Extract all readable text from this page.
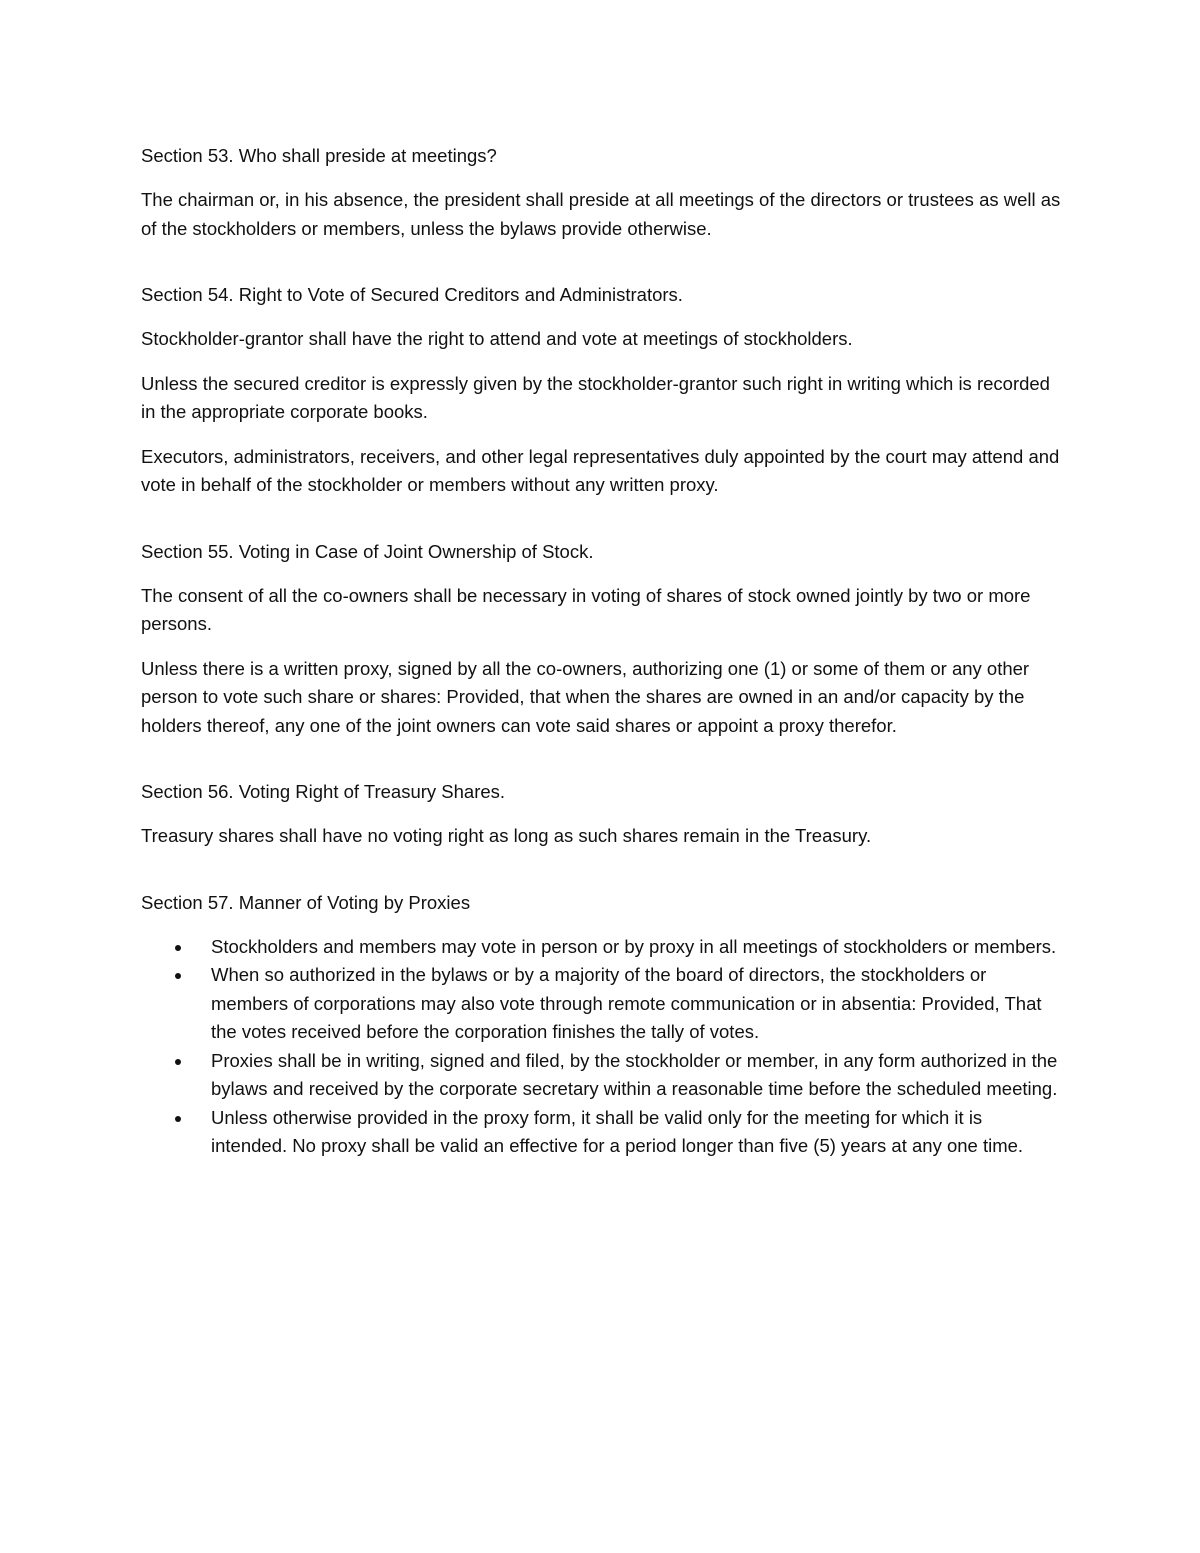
Section 53. Who shall preside at meetings?

The chairman or, in his absence, the president shall preside at all meetings of the directors or trustees as well as of the stockholders or members, unless the bylaws provide otherwise.

Section 54. Right to Vote of Secured Creditors and Administrators.

Stockholder-grantor shall have the right to attend and vote at meetings of stockholders.

Unless the secured creditor is expressly given by the stockholder-grantor such right in writing which is recorded in the appropriate corporate books.

Executors, administrators, receivers, and other legal representatives duly appointed by the court may attend and vote in behalf of the stockholder or members without any written proxy.

Section 55. Voting in Case of Joint Ownership of Stock.

The consent of all the co-owners shall be necessary in voting of shares of stock owned jointly by two or more persons.

Unless there is a written proxy, signed by all the co-owners, authorizing one (1) or some of them or any other person to vote such share or shares: Provided, that when the shares are owned in an and/or capacity by the holders thereof, any one of the joint owners can vote said shares or appoint a proxy therefor.

Section 56. Voting Right of Treasury Shares.

Treasury shares shall have no voting right as long as such shares remain in the Treasury.

Section 57. Manner of Voting by Proxies

Stockholders and members may vote in person or by proxy in all meetings of stockholders or members.
When so authorized in the bylaws or by a majority of the board of directors, the stockholders or members of corporations may also vote through remote communication or in absentia: Provided, That the votes received before the corporation finishes the tally of votes.
Proxies shall be in writing, signed and filed, by the stockholder or member, in any form authorized in the bylaws and received by the corporate secretary within a reasonable time before the scheduled meeting.
Unless otherwise provided in the proxy form, it shall be valid only for the meeting for which it is intended. No proxy shall be valid an effective for a period longer than five (5) years at any one time.
